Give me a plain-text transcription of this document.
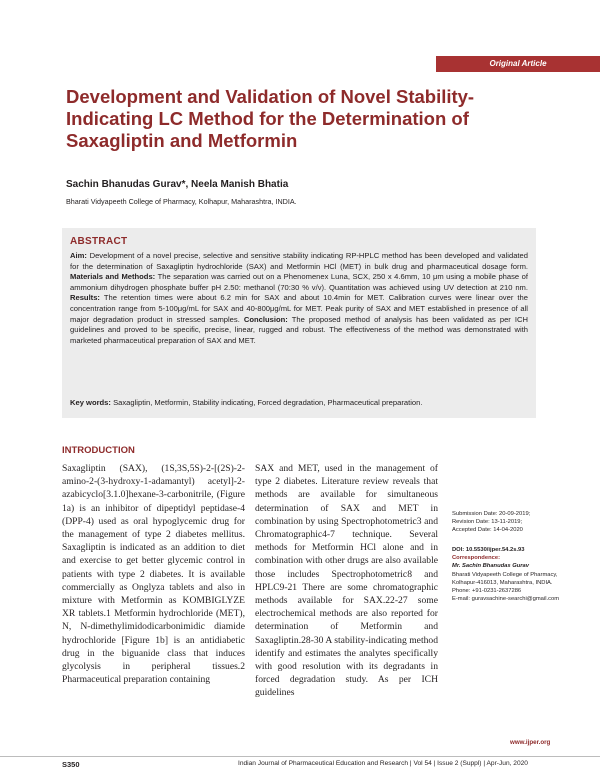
Original Article
Development and Validation of Novel Stability-Indicating LC Method for the Determination of Saxagliptin and Metformin
Sachin Bhanudas Gurav*, Neela Manish Bhatia
Bharati Vidyapeeth College of Pharmacy, Kolhapur, Maharashtra, INDIA.
ABSTRACT

Aim: Development of a novel precise, selective and sensitive stability indicating RP-HPLC method has been developed and validated for the determination of Saxagliptin hydrochloride (SAX) and Metformin HCl (MET) in bulk drug and pharmaceutical dosage form. Materials and Methods: The separation was carried out on a Phenomenex Luna, SCX, 250 x 4.6mm, 10 μm using a mobile phase of ammonium dihydrogen phosphate buffer pH 2.50: methanol (70:30 % v/v). Quantitation was achieved using UV detection at 210 nm. Results: The retention times were about 6.2 min for SAX and about 10.4min for MET. Calibration curves were linear over the concentration range from 5-100μg/mL for SAX and 40-800μg/mL for MET. Peak purity of SAX and MET established in presence of all major degradation product in stressed samples. Conclusion: The proposed method of analysis has been validated as per ICH guidelines and proved to be specific, precise, linear, rugged and robust. The effectiveness of the method was demonstrated with marketed pharmaceutical preparation of SAX and MET.

Key words: Saxagliptin, Metformin, Stability indicating, Forced degradation, Pharmaceutical preparation.

INTRODUCTION

Saxagliptin (SAX), (1S,3S,5S)-2-[(2S)-2-amino-2-(3-hydroxy-1-adamantyl) acetyl]-2-azabicyclo[3.1.0]hexane-3-carbonitrile, (Figure 1a) is an inhibitor of dipeptidyl peptidase-4 (DPP-4) used as oral hypoglycemic drug for the management of type 2 diabetes mellitus. Saxagliptin is indicated as an addition to diet and exercise to get better glycemic control in patients with type 2 diabetes. It is available commercially as Onglyza tablets and also in mixture with Metformin as KOMBIGLYZE XR tablets.1 Metformin hydrochloride (MET), N, N-dimethylimidodicarbonimidic diamide hydrochloride [Figure 1b] is an antidiabetic drug in the biguanide class that induces glycolysis in peripheral tissues.2 Pharmaceutical preparation containing

SAX and MET, used in the management of type 2 diabetes. Literature review reveals that methods are available for simultaneous determination of SAX and MET in combination by using Spectrophotometric3 and Chromatographic4-7 technique. Several methods for Metformin HCl alone and in combination with other drugs are also available those includes Spectrophotometric8 and HPLC9-21 There are some chromatographic methods available for SAX.22-27 some electrochemical methods are also reported for determination of Metformin and Saxagliptin.28-30 A stability-indicating method identify and estimates the analytes specifically with good resolution with its degradants in forced degradation study. As per ICH guidelines

Submission Date: 20-09-2019;
Revision Date: 13-11-2019;
Accepted Date: 14-04-2020
DOI: 10.5530/ijper.54.2s.93
Correspondence:
Mr. Sachin Bhanudas Gurav
Bharati Vidyapeeth College of Pharmacy, Kolhapur-416013, Maharashtra, INDIA.
Phone: +91-0231-2637286
E-mail: guravsachine-searchi@gmail.com
www.ijper.org
S350	Indian Journal of Pharmaceutical Education and Research | Vol 54 | Issue 2 (Suppl) | Apr-Jun, 2020
